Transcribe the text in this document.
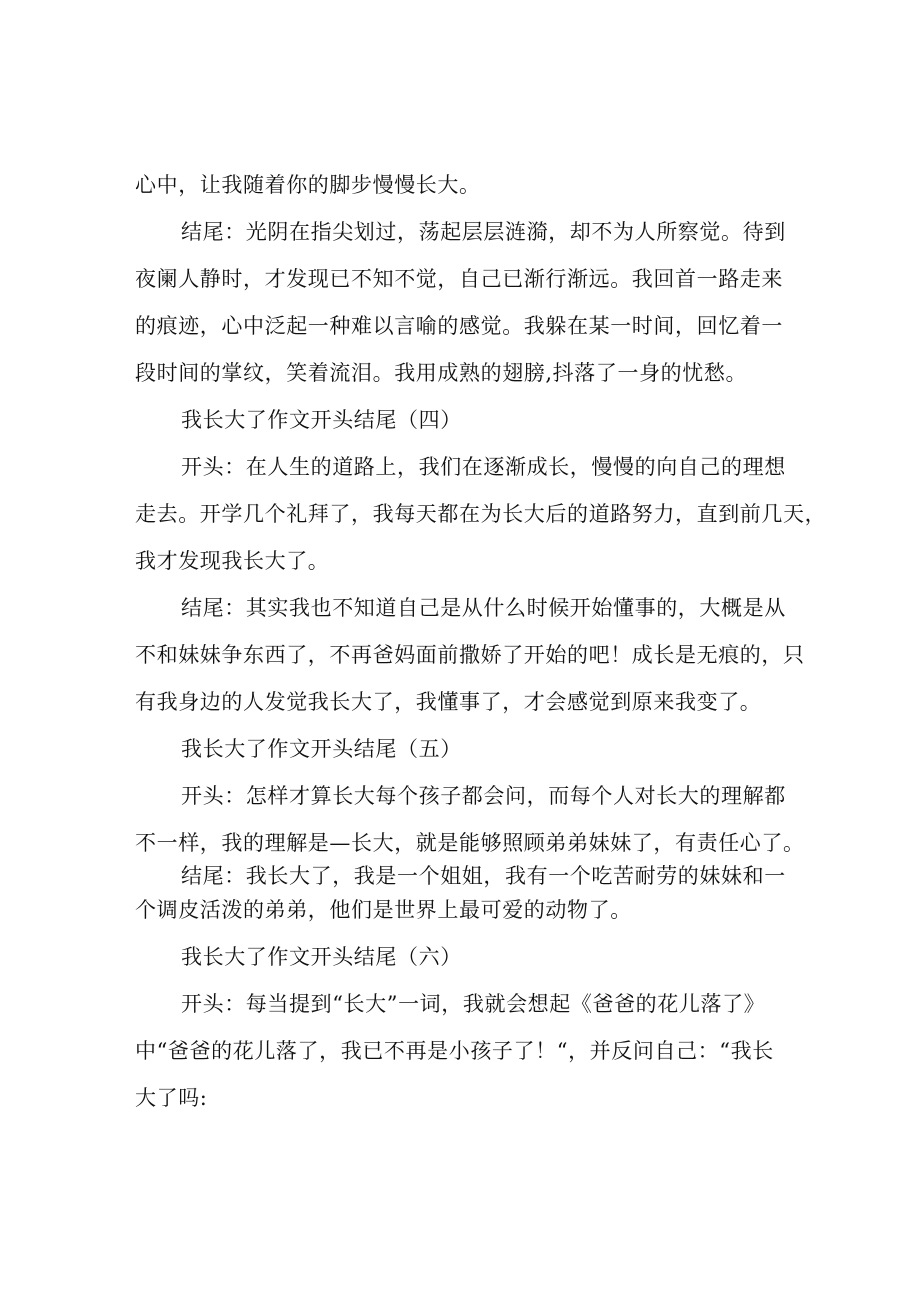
心中，让我随着你的脚步慢慢长大。
结尾：光阴在指尖划过，荡起层层涟漪，却不为人所察觉。待到
夜阑人静时，才发现已不知不觉，自己已渐行渐远。我回首一路走来
的痕迹，心中泛起一种难以言喻的感觉。我躲在某一时间，回忆着一
段时间的掌纹，笑着流泪。我用成熟的翅膀,抖落了一身的忧愁。
我长大了作文开头结尾（四）
开头：在人生的道路上，我们在逐渐成长，慢慢的向自己的理想
走去。开学几个礼拜了，我每天都在为长大后的道路努力，直到前几天，
我才发现我长大了。
结尾：其实我也不知道自己是从什么时候开始懂事的，大概是从
不和妹妹争东西了，不再爸妈面前撒娇了开始的吧！成长是无痕的，只
有我身边的人发觉我长大了，我懂事了，才会感觉到原来我变了。
我长大了作文开头结尾（五）
开头：怎样才算长大每个孩子都会问，而每个人对长大的理解都
不一样，我的理解是—长大，就是能够照顾弟弟妹妹了，有责任心了。
结尾：我长大了，我是一个姐姐，我有一个吃苦耐劳的妹妹和一
个调皮活泼的弟弟，他们是世界上最可爱的动物了。
我长大了作文开头结尾（六）
开头：每当提到“长大”一词，我就会想起《爸爸的花儿落了》
中“爸爸的花儿落了，我已不再是小孩子了！“，并反问自己：“我长
大了吗:
